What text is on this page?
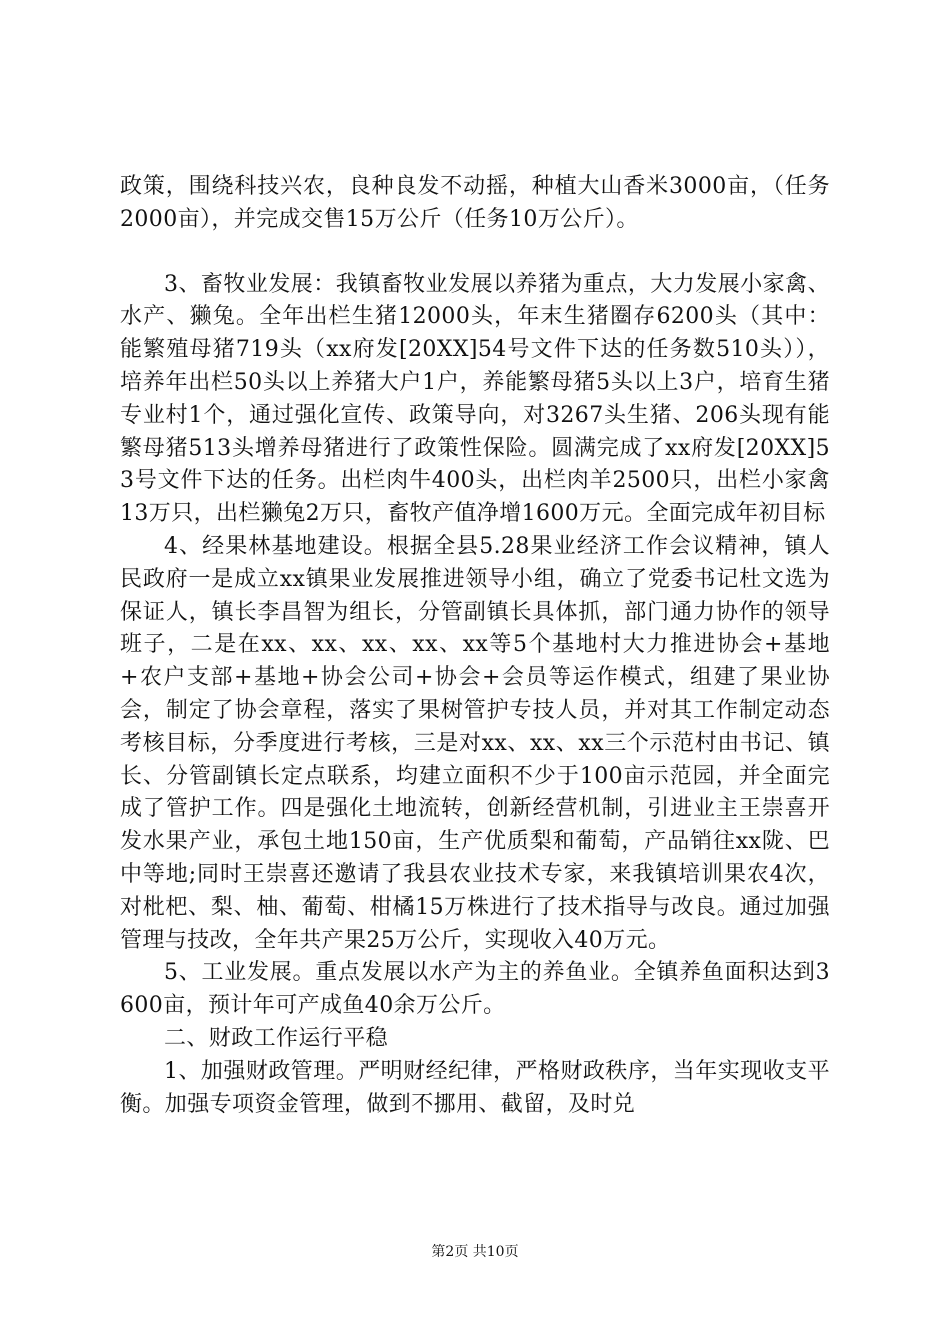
政策，围绕科技兴农，良种良发不动摇，种植大山香米3000亩，（任务2000亩），并完成交售15万公斤（任务10万公斤）。

3、畜牧业发展：我镇畜牧业发展以养猪为重点，大力发展小家禽、水产、獭兔。全年出栏生猪12000头，年末生猪圈存6200头（其中：能繁殖母猪719头（xx府发[20XX]54号文件下达的任务数510头）），培养年出栏50头以上养猪大户1户，养能繁母猪5头以上3户，培育生猪专业村1个，通过强化宣传、政策导向，对3267头生猪、206头现有能繁母猪513头增养母猪进行了政策性保险。圆满完成了xx府发[20XX]53号文件下达的任务。出栏肉牛400头，出栏肉羊2500只，出栏小家禽13万只，出栏獭兔2万只，畜牧产值净增1600万元。全面完成年初目标

4、经果林基地建设。根据全县5.28果业经济工作会议精神，镇人民政府一是成立xx镇果业发展推进领导小组，确立了党委书记杜文选为保证人，镇长李昌智为组长，分管副镇长具体抓，部门通力协作的领导班子，二是在xx、xx、xx、xx、xx等5个基地村大力推进协会+基地+农户支部+基地+协会公司+协会+会员等运作模式，组建了果业协会，制定了协会章程，落实了果树管护专技人员，并对其工作制定动态考核目标，分季度进行考核，三是对xx、xx、xx三个示范村由书记、镇长、分管副镇长定点联系，均建立面积不少于100亩示范园，并全面完成了管护工作。四是强化土地流转，创新经营机制，引进业主王崇喜开发水果产业，承包土地150亩，生产优质梨和葡萄，产品销往xx陇、巴中等地;同时王崇喜还邀请了我县农业技术专家，来我镇培训果农4次，对枇杷、梨、柚、葡萄、柑橘15万株进行了技术指导与改良。通过加强管理与技改，全年共产果25万公斤，实现收入40万元。

5、工业发展。重点发展以水产为主的养鱼业。全镇养鱼面积达到3600亩，预计年可产成鱼40余万公斤。

二、财政工作运行平稳

1、加强财政管理。严明财经纪律，严格财政秩序，当年实现收支平衡。加强专项资金管理，做到不挪用、截留，及时兑

第2页 共10页
